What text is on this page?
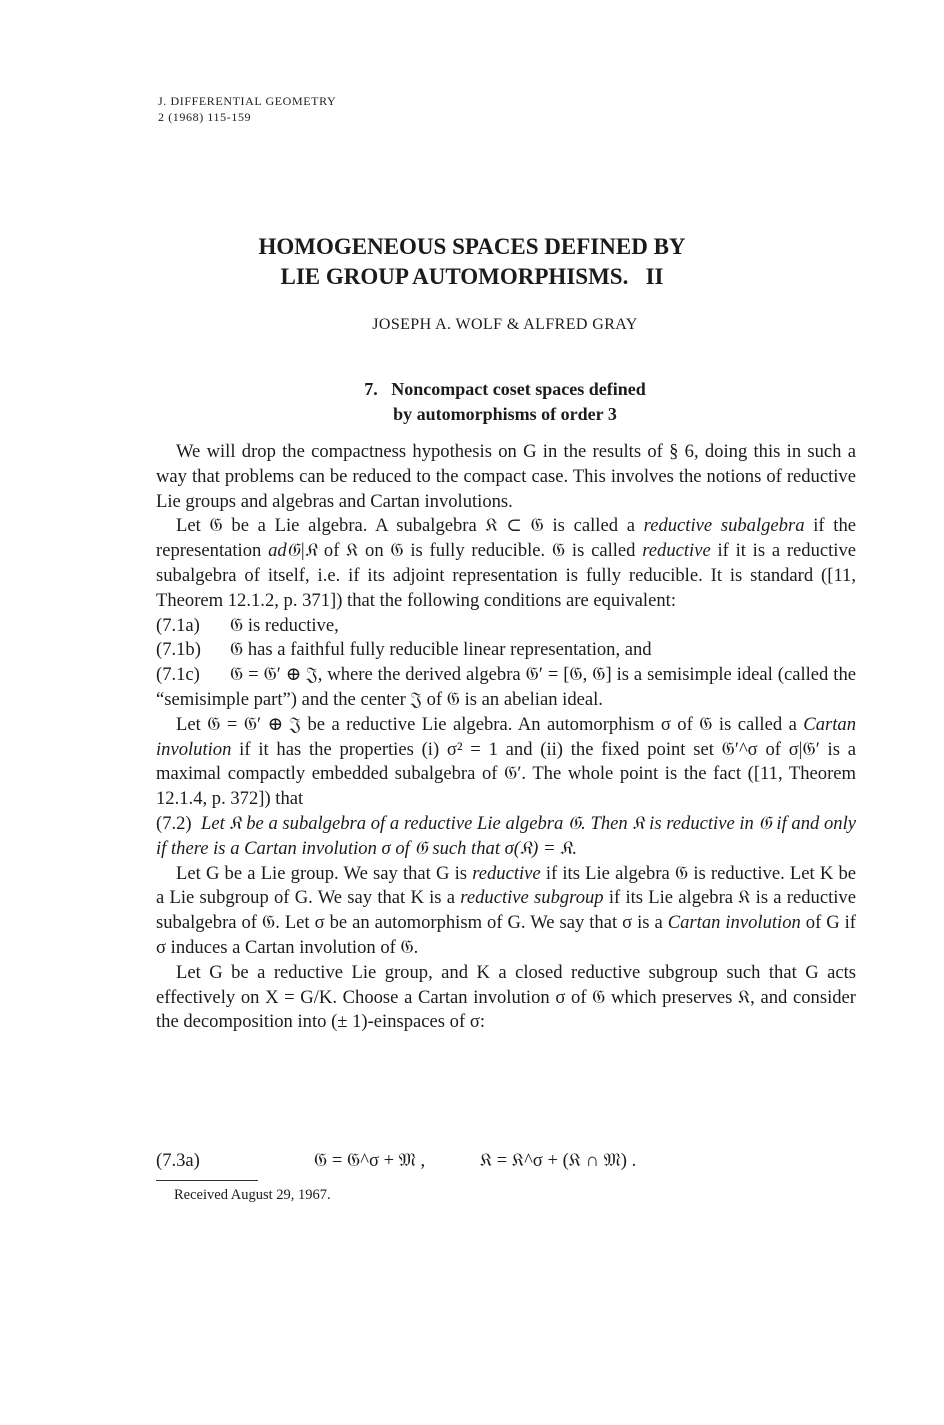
J. DIFFERENTIAL GEOMETRY
2 (1968) 115-159
HOMOGENEOUS SPACES DEFINED BY
LIE GROUP AUTOMORPHISMS.   II
JOSEPH A. WOLF & ALFRED GRAY
7.   Noncompact coset spaces defined
by automorphisms of order 3

We will drop the compactness hypothesis on G in the results of § 6, doing this in such a way that problems can be reduced to the compact case. This involves the notions of reductive Lie groups and algebras and Cartan involutions.

Let 𝔊 be a Lie algebra. A subalgebra 𝔎 ⊂ 𝔊 is called a reductive subalgebra if the representation ad𝔊|𝔎 of 𝔎 on 𝔊 is fully reducible. 𝔊 is called reductive if it is a reductive subalgebra of itself, i.e. if its adjoint representation is fully reducible. It is standard ([11, Theorem 12.1.2, p. 371]) that the following conditions are equivalent:

(7.1a)	𝔊 is reductive,
(7.1b)	𝔊 has a faithful fully reducible linear representation, and

(7.1c) 𝔊 = 𝔊′ ⊕ 𝔍, where the derived algebra 𝔊′ = [𝔊, 𝔊] is a semisimple ideal (called the “semisimple part”) and the center 𝔍 of 𝔊 is an abelian ideal.

Let 𝔊 = 𝔊′ ⊕ 𝔍 be a reductive Lie algebra. An automorphism σ of 𝔊 is called a Cartan involution if it has the properties (i) σ² = 1 and (ii) the fixed point set 𝔊′^σ of σ|𝔊′ is a maximal compactly embedded subalgebra of 𝔊′. The whole point is the fact ([11, Theorem 12.1.4, p. 372]) that

(7.2) Let 𝔎 be a subalgebra of a reductive Lie algebra 𝔊. Then 𝔎 is reductive in 𝔊 if and only if there is a Cartan involution σ of 𝔊 such that σ(𝔎) = 𝔎.

Let G be a Lie group. We say that G is reductive if its Lie algebra 𝔊 is reductive. Let K be a Lie subgroup of G. We say that K is a reductive subgroup if its Lie algebra 𝔎 is a reductive subalgebra of 𝔊. Let σ be an automorphism of G. We say that σ is a Cartan involution of G if σ induces a Cartan involution of 𝔊.

Let G be a reductive Lie group, and K a closed reductive subgroup such that G acts effectively on X = G/K. Choose a Cartan involution σ of 𝔊 which preserves 𝔎, and consider the decomposition into (± 1)-einspaces of σ:

(7.3a)	𝔊 = 𝔊^σ + 𝔐 ,	𝔎 = 𝔎^σ + (𝔎 ∩ 𝔐) .
Received August 29, 1967.
